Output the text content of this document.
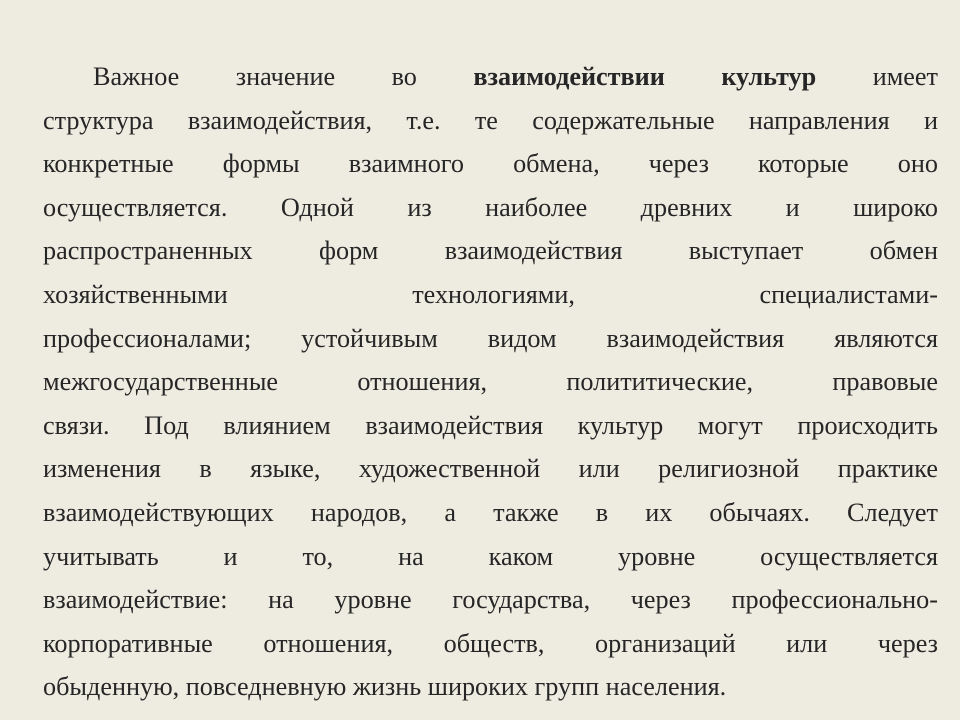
Важное значение во взаимодействии культур имеет
структура взаимодействия, т.е. те содержательные направления и
конкретные формы взаимного обмена, через которые оно
осуществляется. Одной из наиболее древних и широко
распространенных форм взаимодействия выступает обмен
хозяйственными технологиями, специалистами-
профессионалами; устойчивым видом взаимодействия являются
межгосударственные отношения, полититические, правовые
связи. Под влиянием взаимодействия культур могут происходить
изменения в языке, художественной или религиозной практике
взаимодействующих народов, а также в их обычаях. Следует
учитывать и то, на каком уровне осуществляется
взаимодействие: на уровне государства, через профессионально-
корпоративные отношения, обществ, организаций или через
обыденную, повседневную жизнь широких групп населения.
